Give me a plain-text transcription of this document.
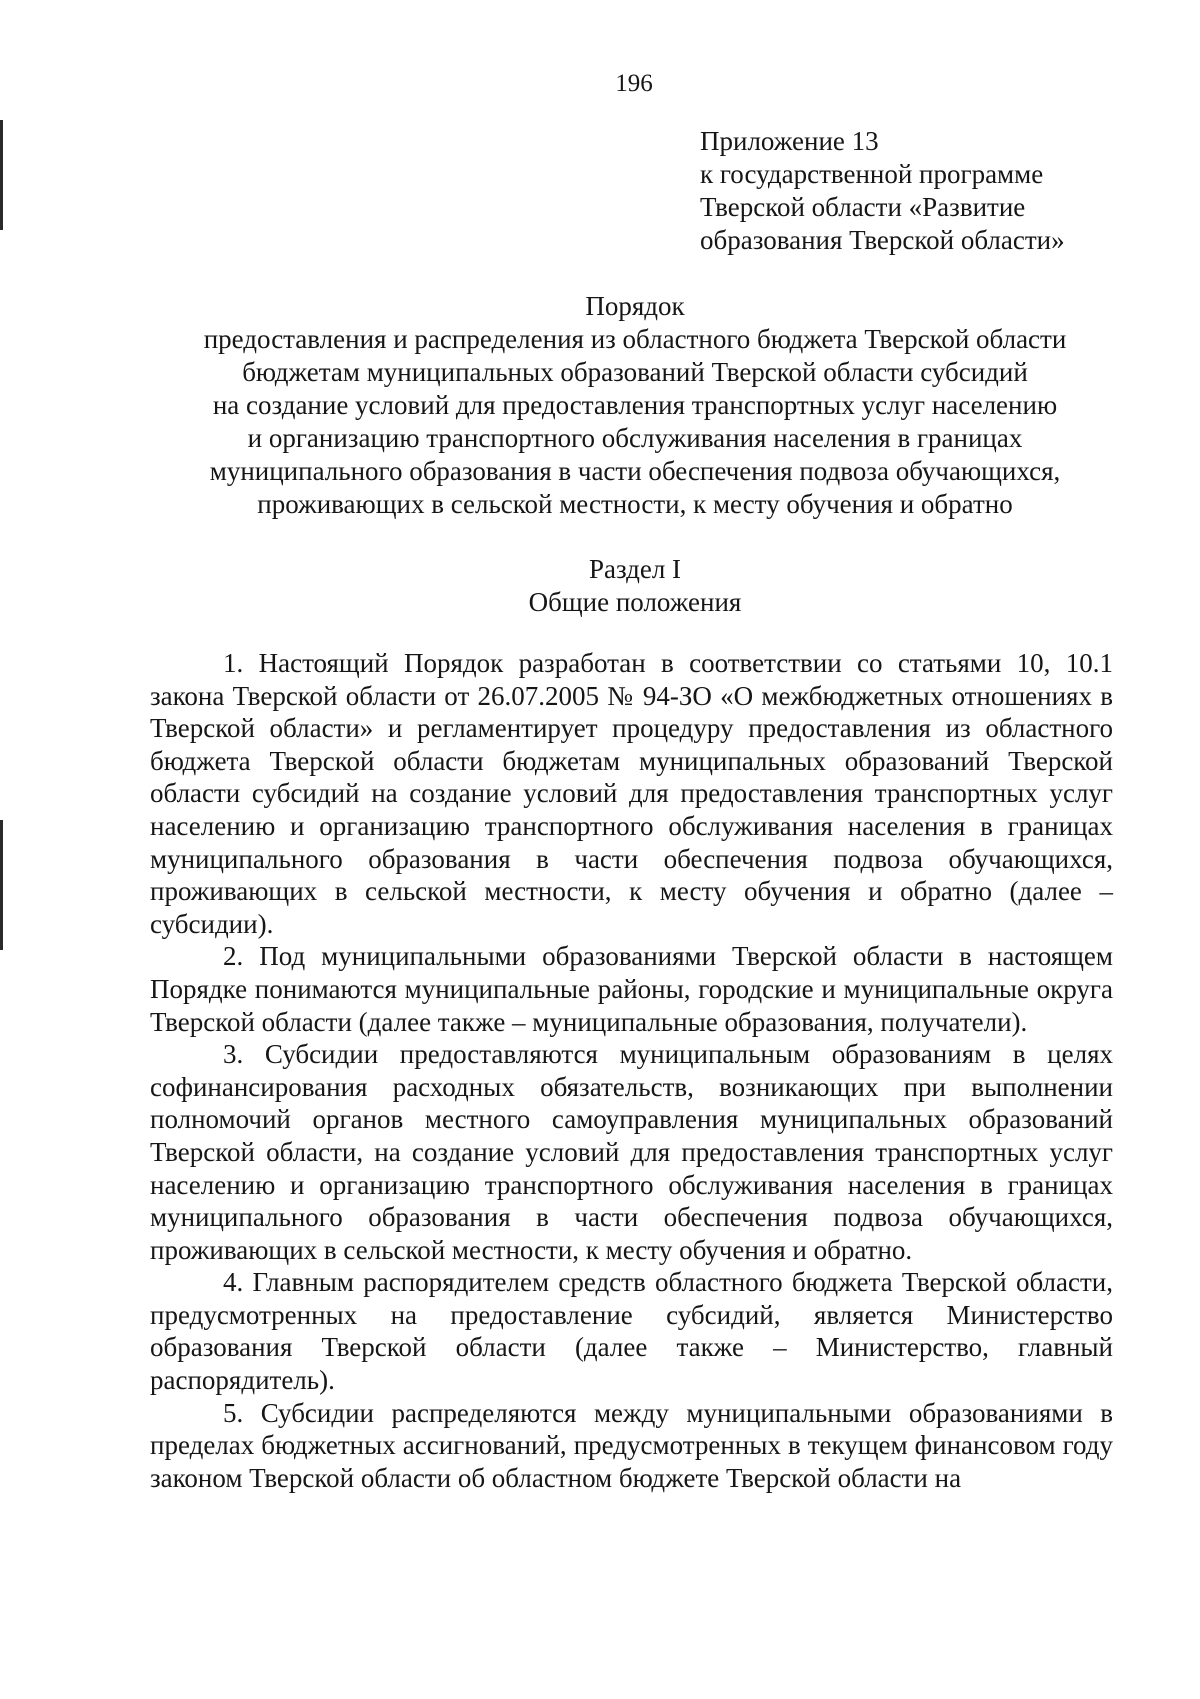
196
Приложение 13
к государственной программе
Тверской области «Развитие
образования Тверской области»
Порядок
предоставления и распределения из областного бюджета Тверской области
бюджетам муниципальных образований Тверской области субсидий
на создание условий для предоставления транспортных услуг населению
и организацию транспортного обслуживания населения в границах
муниципального образования в части обеспечения подвоза обучающихся,
проживающих в сельской местности, к месту обучения и обратно
Раздел I
Общие положения

1. Настоящий Порядок разработан в соответствии со статьями 10, 10.1 закона Тверской области от 26.07.2005 № 94-ЗО «О межбюджетных отношениях в Тверской области» и регламентирует процедуру предоставления из областного бюджета Тверской области бюджетам муниципальных образований Тверской области субсидий на создание условий для предоставления транспортных услуг населению и организацию транспортного обслуживания населения в границах муниципального образования в части обеспечения подвоза обучающихся, проживающих в сельской местности, к месту обучения и обратно (далее – субсидии).

2. Под муниципальными образованиями Тверской области в настоящем Порядке понимаются муниципальные районы, городские и муниципальные округа Тверской области (далее также – муниципальные образования, получатели).

3. Субсидии предоставляются муниципальным образованиям в целях софинансирования расходных обязательств, возникающих при выполнении полномочий органов местного самоуправления муниципальных образований Тверской области, на создание условий для предоставления транспортных услуг населению и организацию транспортного обслуживания населения в границах муниципального образования в части обеспечения подвоза обучающихся, проживающих в сельской местности, к месту обучения и обратно.

4. Главным распорядителем средств областного бюджета Тверской области, предусмотренных на предоставление субсидий, является Министерство образования Тверской области (далее также – Министерство, главный распорядитель).

5. Субсидии распределяются между муниципальными образованиями в пределах бюджетных ассигнований, предусмотренных в текущем финансовом году законом Тверской области об областном бюджете Тверской области на
